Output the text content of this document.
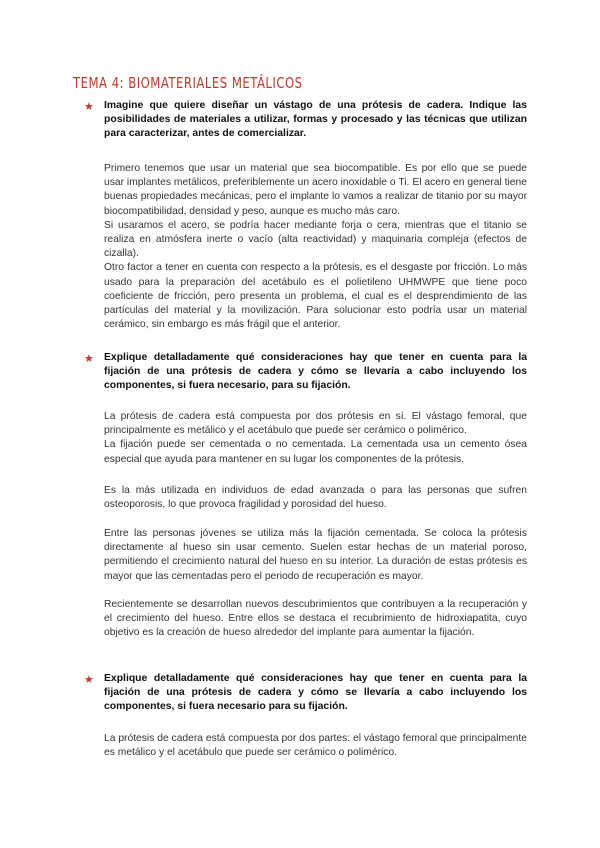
TEMA 4: BIOMATERIALES METÁLICOS
★ Imagine que quiere diseñar un vástago de una prótesis de cadera. Indique las posibilidades de materiales a utilizar, formas y procesado y las técnicas que utilizan para caracterizar, antes de comercializar.
Primero tenemos que usar un material que sea biocompatible. Es por ello que se puede usar implantes metálicos, preferiblemente un acero inoxidable o Ti. El acero en general tiene buenas propiedades mecánicas, pero el implante lo vamos a realizar de titanio por su mayor biocompatibilidad, densidad y peso, aunque es mucho más caro.
Si usaramos el acero, se podría hacer mediante forja o cera, mientras que el titanio se realiza en atmósfera inerte o vacío (alta reactividad) y maquinaria compleja (efectos de cizalla).
Otro factor a tener en cuenta con respecto a la prótesis, es el desgaste por fricción. Lo más usado para la preparación del acetábulo es el polietileno UHMWPE que tiene poco coeficiente de fricción, pero presenta un problema, el cual es el desprendimiento de las partículas del material y la movilización. Para solucionar esto podría usar un material cerámico, sin embargo es más frágil que el anterior.
★ Explique detalladamente qué consideraciones hay que tener en cuenta para la fijación de una prótesis de cadera y cómo se llevaría a cabo incluyendo los componentes, si fuera necesario, para su fijación.
La prótesis de cadera está compuesta por dos prótesis en sí. El vástago femoral, que principalmente es metálico y el acetábulo que puede ser cerámico o polimérico.
La fijación puede ser cementada o no cementada. La cementada usa un cemento ósea especial que ayuda para mantener en su lugar los componentes de la prótesis.
Es la más utilizada en individuos de edad avanzada o para las personas que sufren osteoporosis, lo que provoca fragilidad y porosidad del hueso.
Entre las personas jóvenes se utiliza más la fijación cementada. Se coloca la prótesis directamente al hueso sin usar cemento. Suelen estar hechas de un material poroso, permitiendo el crecimiento natural del hueso en su interior. La duración de estas prótesis es mayor que las cementadas pero el periodo de recuperación es mayor.
Recientemente se desarrollan nuevos descubrimientos que contribuyen a la recuperación y el crecimiento del hueso. Entre ellos se destaca el recubrimiento de hidroxiapatita, cuyo objetivo es la creación de hueso alrededor del implante para aumentar la fijación.
★ Explique detalladamente qué consideraciones hay que tener en cuenta para la fijación de una prótesis de cadera y cómo se llevaría a cabo incluyendo los componentes, si fuera necesario para su fijación.
La prótesis de cadera está compuesta por dos partes: el vástago femoral que principalmente es metálico y el acetábulo que puede ser cerámico o polimérico.
